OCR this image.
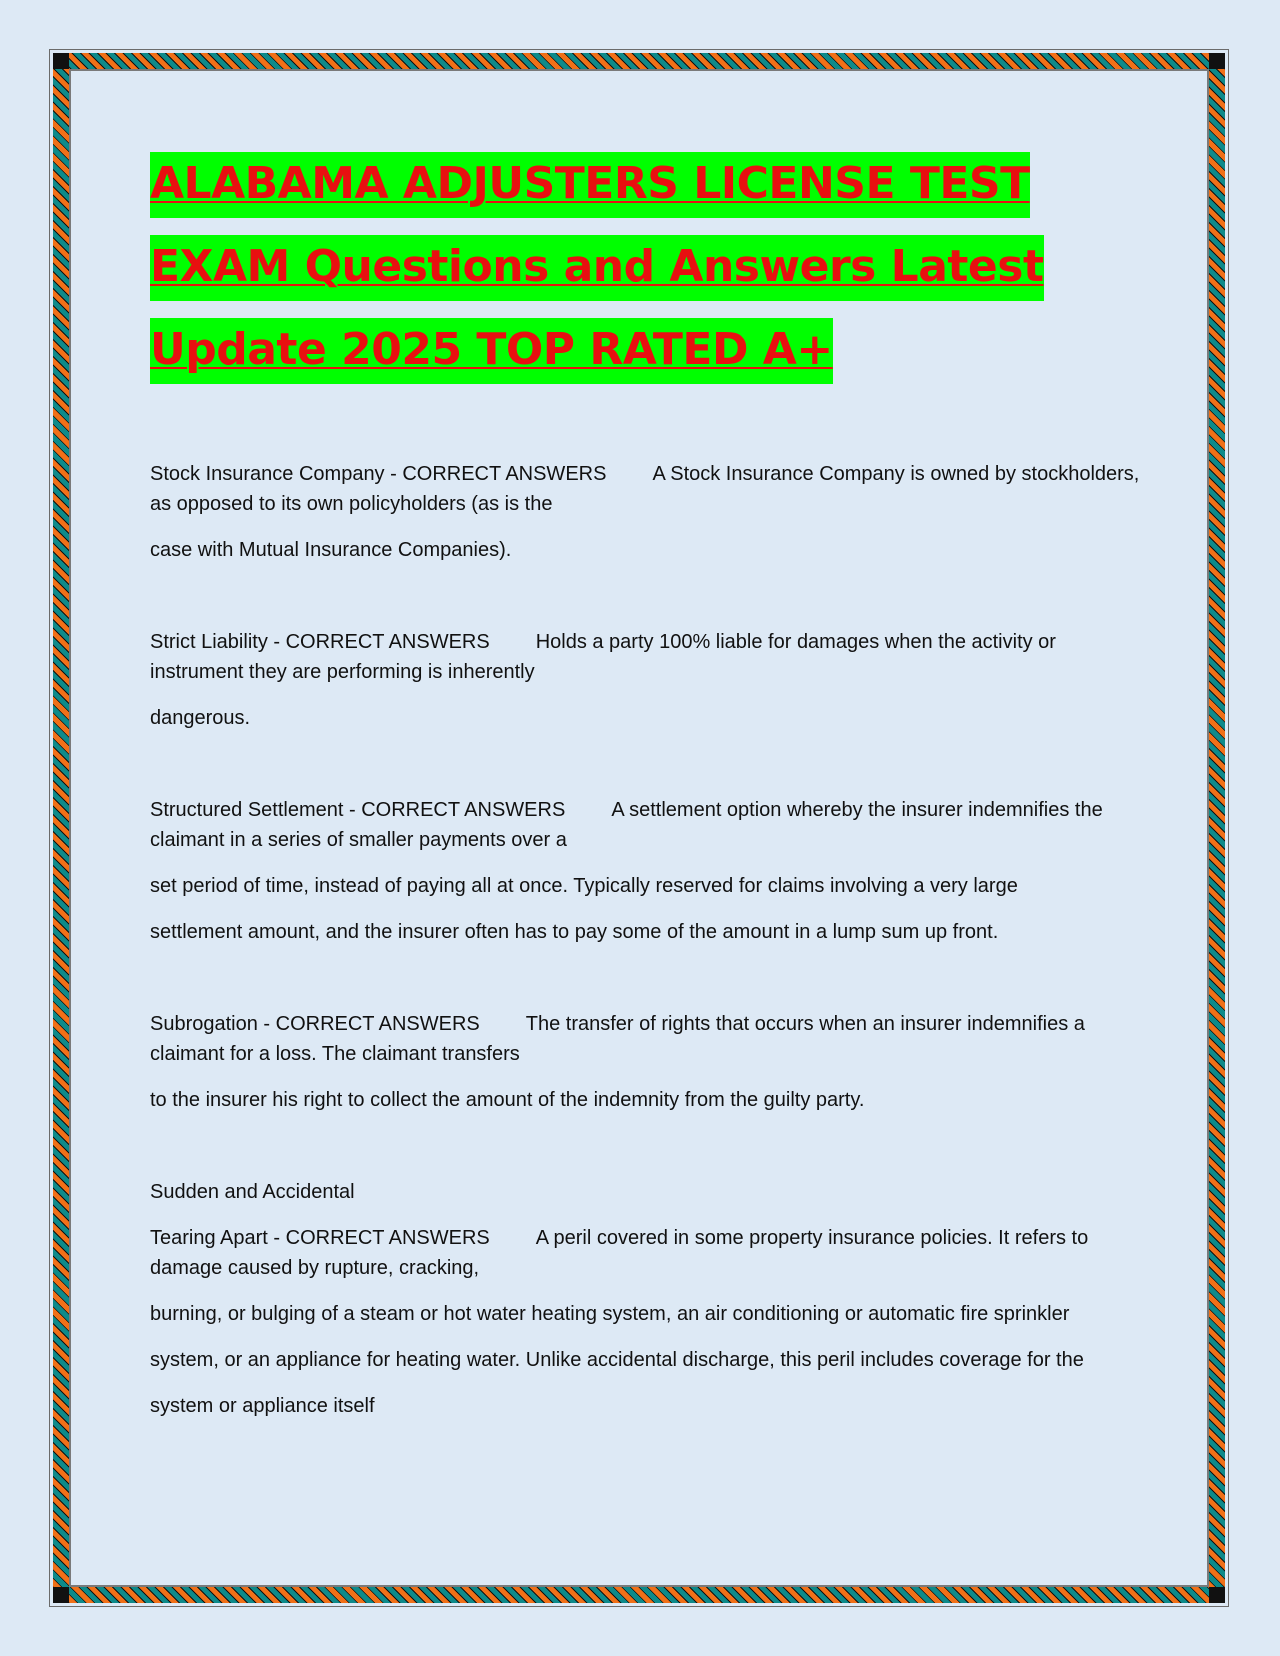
ALABAMA ADJUSTERS LICENSE TEST
EXAM Questions and Answers Latest
Update 2025 TOP RATED A+

Stock Insurance Company - CORRECT ANSWERS A Stock Insurance Company is owned by stockholders, as opposed to its own policyholders (as is the

case with Mutual Insurance Companies).

Strict Liability - CORRECT ANSWERS Holds a party 100% liable for damages when the activity or instrument they are performing is inherently

dangerous.

Structured Settlement - CORRECT ANSWERS A settlement option whereby the insurer indemnifies the claimant in a series of smaller payments over a

set period of time, instead of paying all at once. Typically reserved for claims involving a very large

settlement amount, and the insurer often has to pay some of the amount in a lump sum up front.

Subrogation - CORRECT ANSWERS The transfer of rights that occurs when an insurer indemnifies a claimant for a loss. The claimant transfers

to the insurer his right to collect the amount of the indemnity from the guilty party.

Sudden and Accidental

Tearing Apart - CORRECT ANSWERS A peril covered in some property insurance policies. It refers to damage caused by rupture, cracking,

burning, or bulging of a steam or hot water heating system, an air conditioning or automatic fire sprinkler

system, or an appliance for heating water. Unlike accidental discharge, this peril includes coverage for the

system or appliance itself
